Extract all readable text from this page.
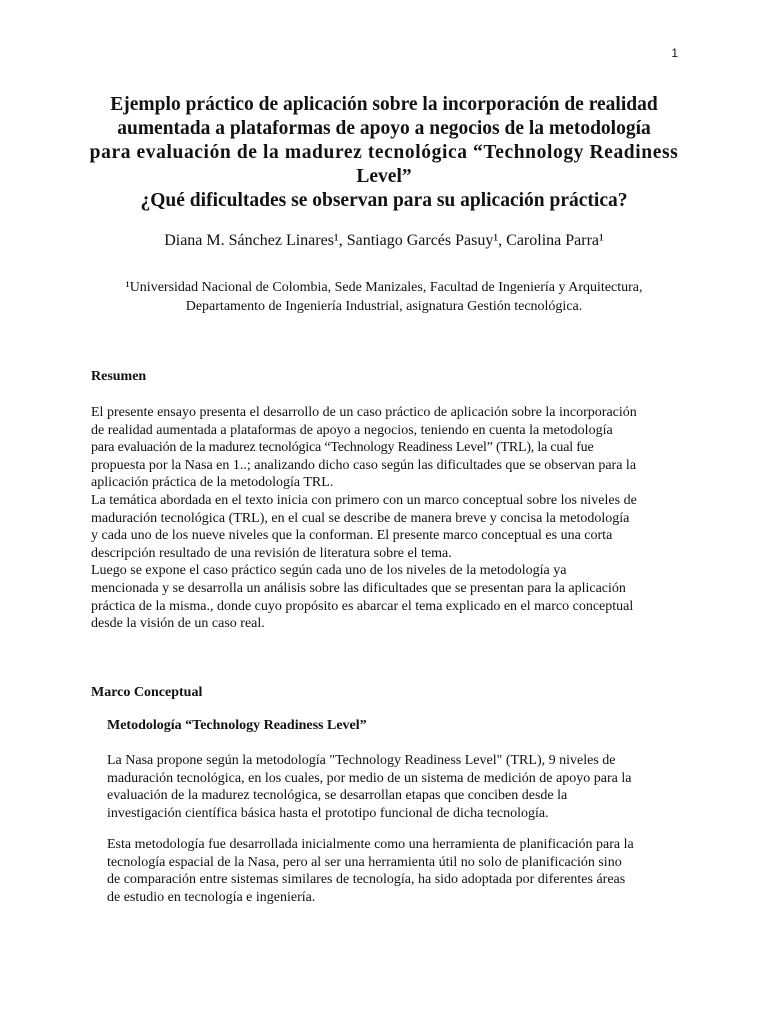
1
Ejemplo práctico de aplicación sobre la incorporación de realidad
aumentada a plataformas de apoyo a negocios de la metodología
para evaluación de la madurez tecnológica “Technology Readiness
Level”
¿Qué dificultades se observan para su aplicación práctica?
Diana M. Sánchez Linares¹, Santiago Garcés Pasuy¹, Carolina Parra¹
¹Universidad Nacional de Colombia, Sede Manizales, Facultad de Ingeniería y Arquitectura,
Departamento de Ingeniería Industrial, asignatura Gestión tecnológica.
Resumen
El presente ensayo presenta el desarrollo de un caso práctico de aplicación sobre la incorporación
de realidad aumentada a plataformas de apoyo a negocios, teniendo en cuenta la metodología
para evaluación de la madurez tecnológica “Technology Readiness Level” (TRL), la cual fue
propuesta por la Nasa en 1..; analizando dicho caso según las dificultades que se observan para la
aplicación práctica de la metodología TRL.
La temática abordada en el texto inicia con primero con un marco conceptual sobre los niveles de
maduración tecnológica (TRL), en el cual se describe de manera breve y concisa la metodología
y cada uno de los nueve niveles que la conforman. El presente marco conceptual es una corta
descripción resultado de una revisión de literatura sobre el tema.
Luego se expone el caso práctico según cada uno de los niveles de la metodología ya
mencionada y se desarrolla un análisis sobre las dificultades que se presentan para la aplicación
práctica de la misma., donde cuyo propósito es abarcar el tema explicado en el marco conceptual
desde la visión de un caso real.
Marco Conceptual
Metodología “Technology Readiness Level”
La Nasa propone según la metodología "Technology Readiness Level" (TRL), 9 niveles de
maduración tecnológica, en los cuales, por medio de un sistema de medición de apoyo para la
evaluación de la madurez tecnológica, se desarrollan etapas que conciben desde la
investigación científica básica hasta el prototipo funcional de dicha tecnología.
Esta metodología fue desarrollada inicialmente como una herramienta de planificación para la
tecnología espacial de la Nasa, pero al ser una herramienta útil no solo de planificación sino
de comparación entre sistemas similares de tecnología, ha sido adoptada por diferentes áreas
de estudio en tecnología e ingeniería.
